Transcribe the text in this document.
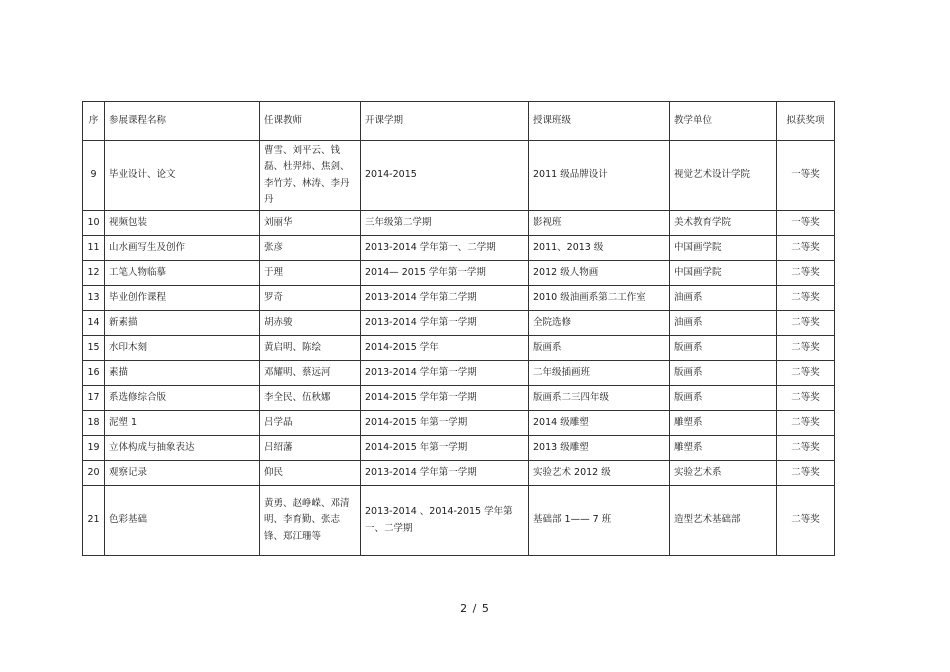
序	参展课程名称	任课教师	开课学期	授课班级	教学单位	拟获奖项
9	毕业设计、论文	曹雪、刘平云、钱磊、杜羿炜、焦剑、李竹芳、林涛、李丹丹	2014-2015	2011 级品牌设计	视觉艺术设计学院	一等奖
10	视频包装	刘丽华	三年级第二学期	影视班	美术教育学院	一等奖
11	山水画写生及创作	张彦	2013-2014 学年第一、二学期	2011、2013 级	中国画学院	二等奖
12	工笔人物临摹	于理	2014— 2015 学年第一学期	2012 级人物画	中国画学院	二等奖
13	毕业创作课程	罗奇	2013-2014 学年第二学期	2010 级油画系第二工作室	油画系	二等奖
14	新素描	胡赤骏	2013-2014 学年第一学期	全院选修	油画系	二等奖
15	水印木刻	黄启明、陈绘	2014-2015 学年	版画系	版画系	二等奖
16	素描	邓耀明、蔡远河	2013-2014 学年第一学期	二年级插画班	版画系	二等奖
17	系选修综合版	李全民、伍秋娜	2014-2015 学年第一学期	版画系二三四年级	版画系	二等奖
18	泥塑 1	吕学晶	2014-2015 年第一学期	2014 级雕塑	雕塑系	二等奖
19	立体构成与抽象表达	吕绍藩	2014-2015 年第一学期	2013 级雕塑	雕塑系	二等奖
20	观察记录	仰民	2013-2014 学年第一学期	实验艺术 2012 级	实验艺术系	二等奖
21	色彩基础	黄勇、赵峥嵘、邓清明、李育勤、张志锋、郑江珊等	2013-2014 、2014-2015 学年第一、二学期	基础部 1—— 7 班	造型艺术基础部	二等奖
2 / 5
